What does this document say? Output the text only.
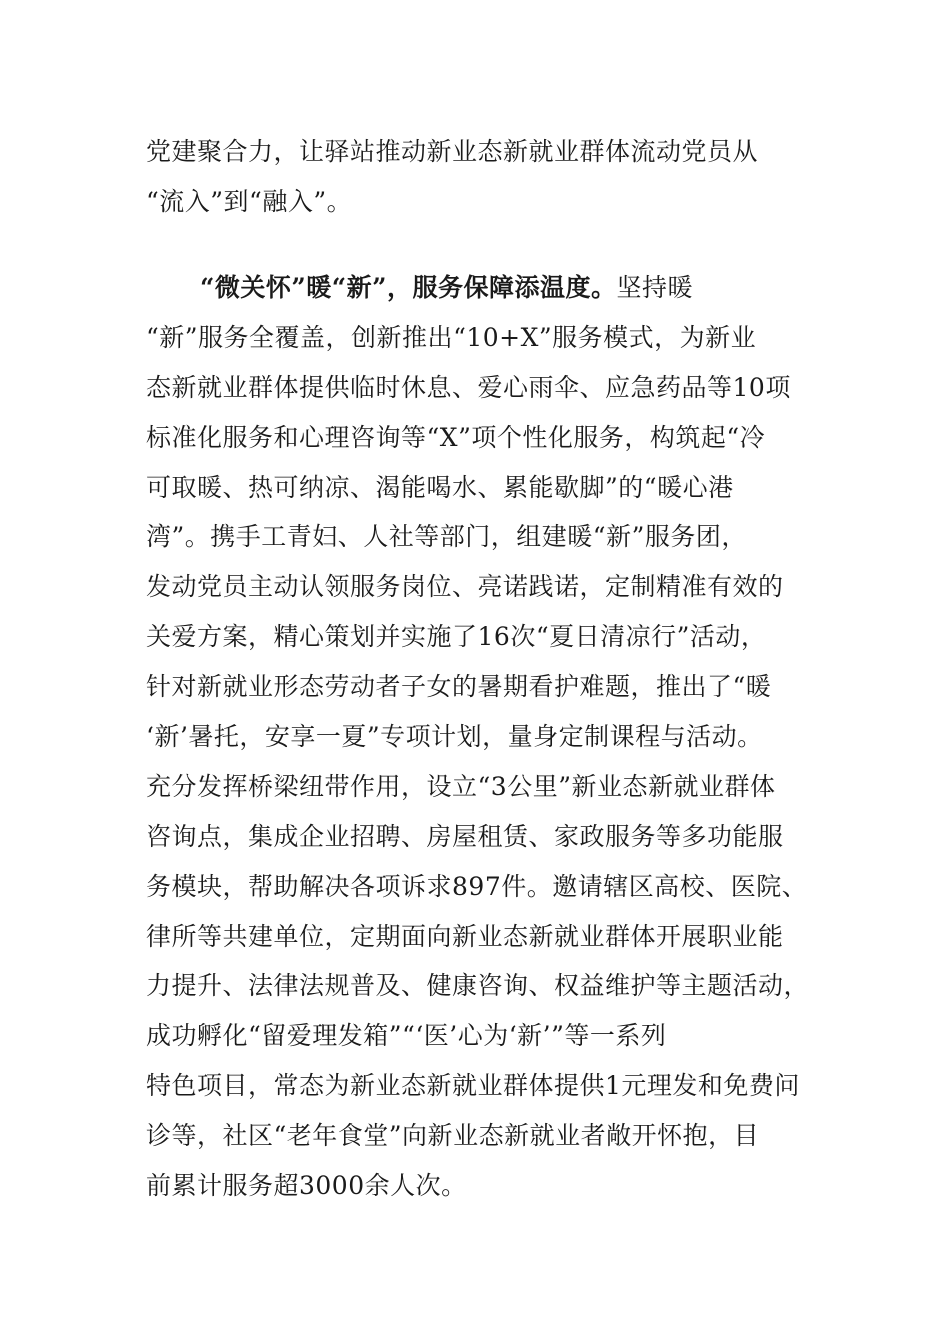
党建聚合力，让驿站推动新业态新就业群体流动党员从
“流入”到“融入”。
“微关怀”暖“新”，服务保障添温度。坚持暖
“新”服务全覆盖，创新推出“10+X”服务模式，为新业
态新就业群体提供临时休息、爱心雨伞、应急药品等10项
标准化服务和心理咨询等“X”项个性化服务，构筑起“冷
可取暖、热可纳凉、渴能喝水、累能歇脚”的“暖心港
湾”。携手工青妇、人社等部门，组建暖“新”服务团，
发动党员主动认领服务岗位、亮诺践诺，定制精准有效的
关爱方案，精心策划并实施了16次“夏日清凉行”活动，
针对新就业形态劳动者子女的暑期看护难题，推出了“暖
‘新’暑托，安享一夏”专项计划，量身定制课程与活动。
充分发挥桥梁纽带作用，设立“3公里”新业态新就业群体
咨询点，集成企业招聘、房屋租赁、家政服务等多功能服
务模块，帮助解决各项诉求897件。邀请辖区高校、医院、
律所等共建单位，定期面向新业态新就业群体开展职业能
力提升、法律法规普及、健康咨询、权益维护等主题活动，
成功孵化“留爱理发箱”“‘医’心为‘新’”等一系列
特色项目，常态为新业态新就业群体提供1元理发和免费问
诊等，社区“老年食堂”向新业态新就业者敞开怀抱，目
前累计服务超3000余人次。
